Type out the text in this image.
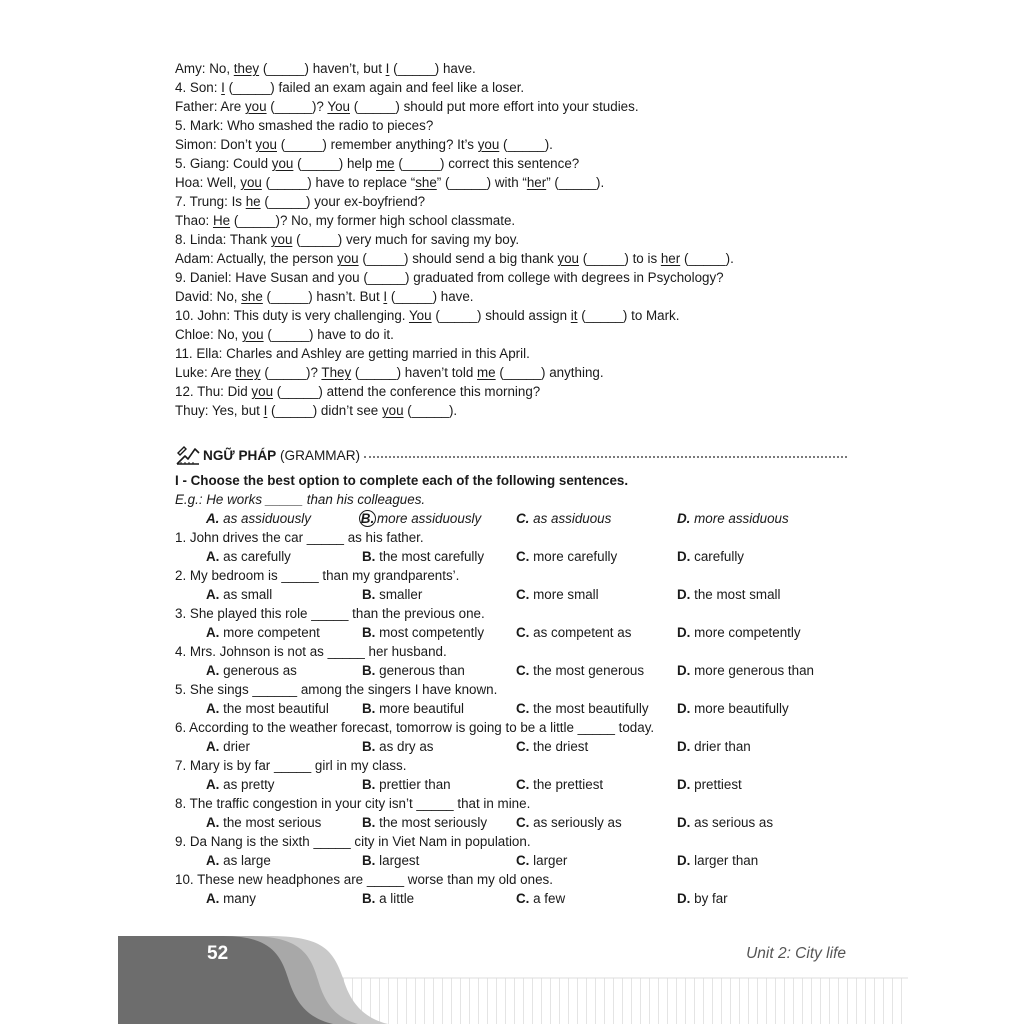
Amy: No, they (_____) haven’t, but I (_____) have.
4. Son: I (_____) failed an exam again and feel like a loser.
Father: Are you (_____)? You (_____) should put more effort into your studies.
5. Mark: Who smashed the radio to pieces?
Simon: Don’t you (_____) remember anything? It’s you (_____).
5. Giang: Could you (_____) help me (_____) correct this sentence?
Hoa: Well, you (_____) have to replace “she” (_____) with “her” (_____).
7. Trung: Is he (_____) your ex-boyfriend?
Thao: He (_____)? No, my former high school classmate.
8. Linda: Thank you (_____) very much for saving my boy.
Adam: Actually, the person you (_____) should send a big thank you (_____) to is her (_____).
9. Daniel: Have Susan and you (_____) graduated from college with degrees in Psychology?
David: No, she (_____) hasn’t. But I (_____) have.
10. John: This duty is very challenging. You (_____) should assign it (_____) to Mark.
Chloe: No, you (_____) have to do it.
11. Ella: Charles and Ashley are getting married in this April.
Luke: Are they (_____)? They (_____) haven’t told me (_____) anything.
12. Thu: Did you (_____) attend the conference this morning?
Thuy: Yes, but I (_____) didn’t see you (_____).
NGỮ PHÁP (GRAMMAR)
I - Choose the best option to complete each of the following sentences.
E.g.: He works _____ than his colleagues.
A. as assiduously	B. more assiduously	C. as assiduous	D. more assiduous
1. John drives the car _____ as his father.
A. as carefully	B. the most carefully C. more carefully	D. carefully
2. My bedroom is _____ than my grandparents’.
A. as small	B. smaller	C. more small	D. the most small
3. She played this role _____ than the previous one.
A. more competent	B. most competently C. as competent as	D. more competently
4. Mrs. Johnson is not as _____ her husband.
A. generous as	B. generous than	C. the most generous D. more generous than
5. She sings ______ among the singers I have known.
A. the most beautiful B. more beautiful	C. the most beautifully D. more beautifully
6. According to the weather forecast, tomorrow is going to be a little _____ today.
A. drier	B. as dry as	C. the driest	D. drier than
7. Mary is by far _____ girl in my class.
A. as pretty	B. prettier than	C. the prettiest	D. prettiest
8. The traffic congestion in your city isn’t _____ that in mine.
A. the most serious	B. the most seriously C. as seriously as	D. as serious as
9. Da Nang is the sixth _____ city in Viet Nam in population.
A. as large	B. largest	C. larger	D. larger than
10. These new headphones are _____ worse than my old ones.
A. many	B. a little	C. a few	D. by far
52	Unit 2: City life
